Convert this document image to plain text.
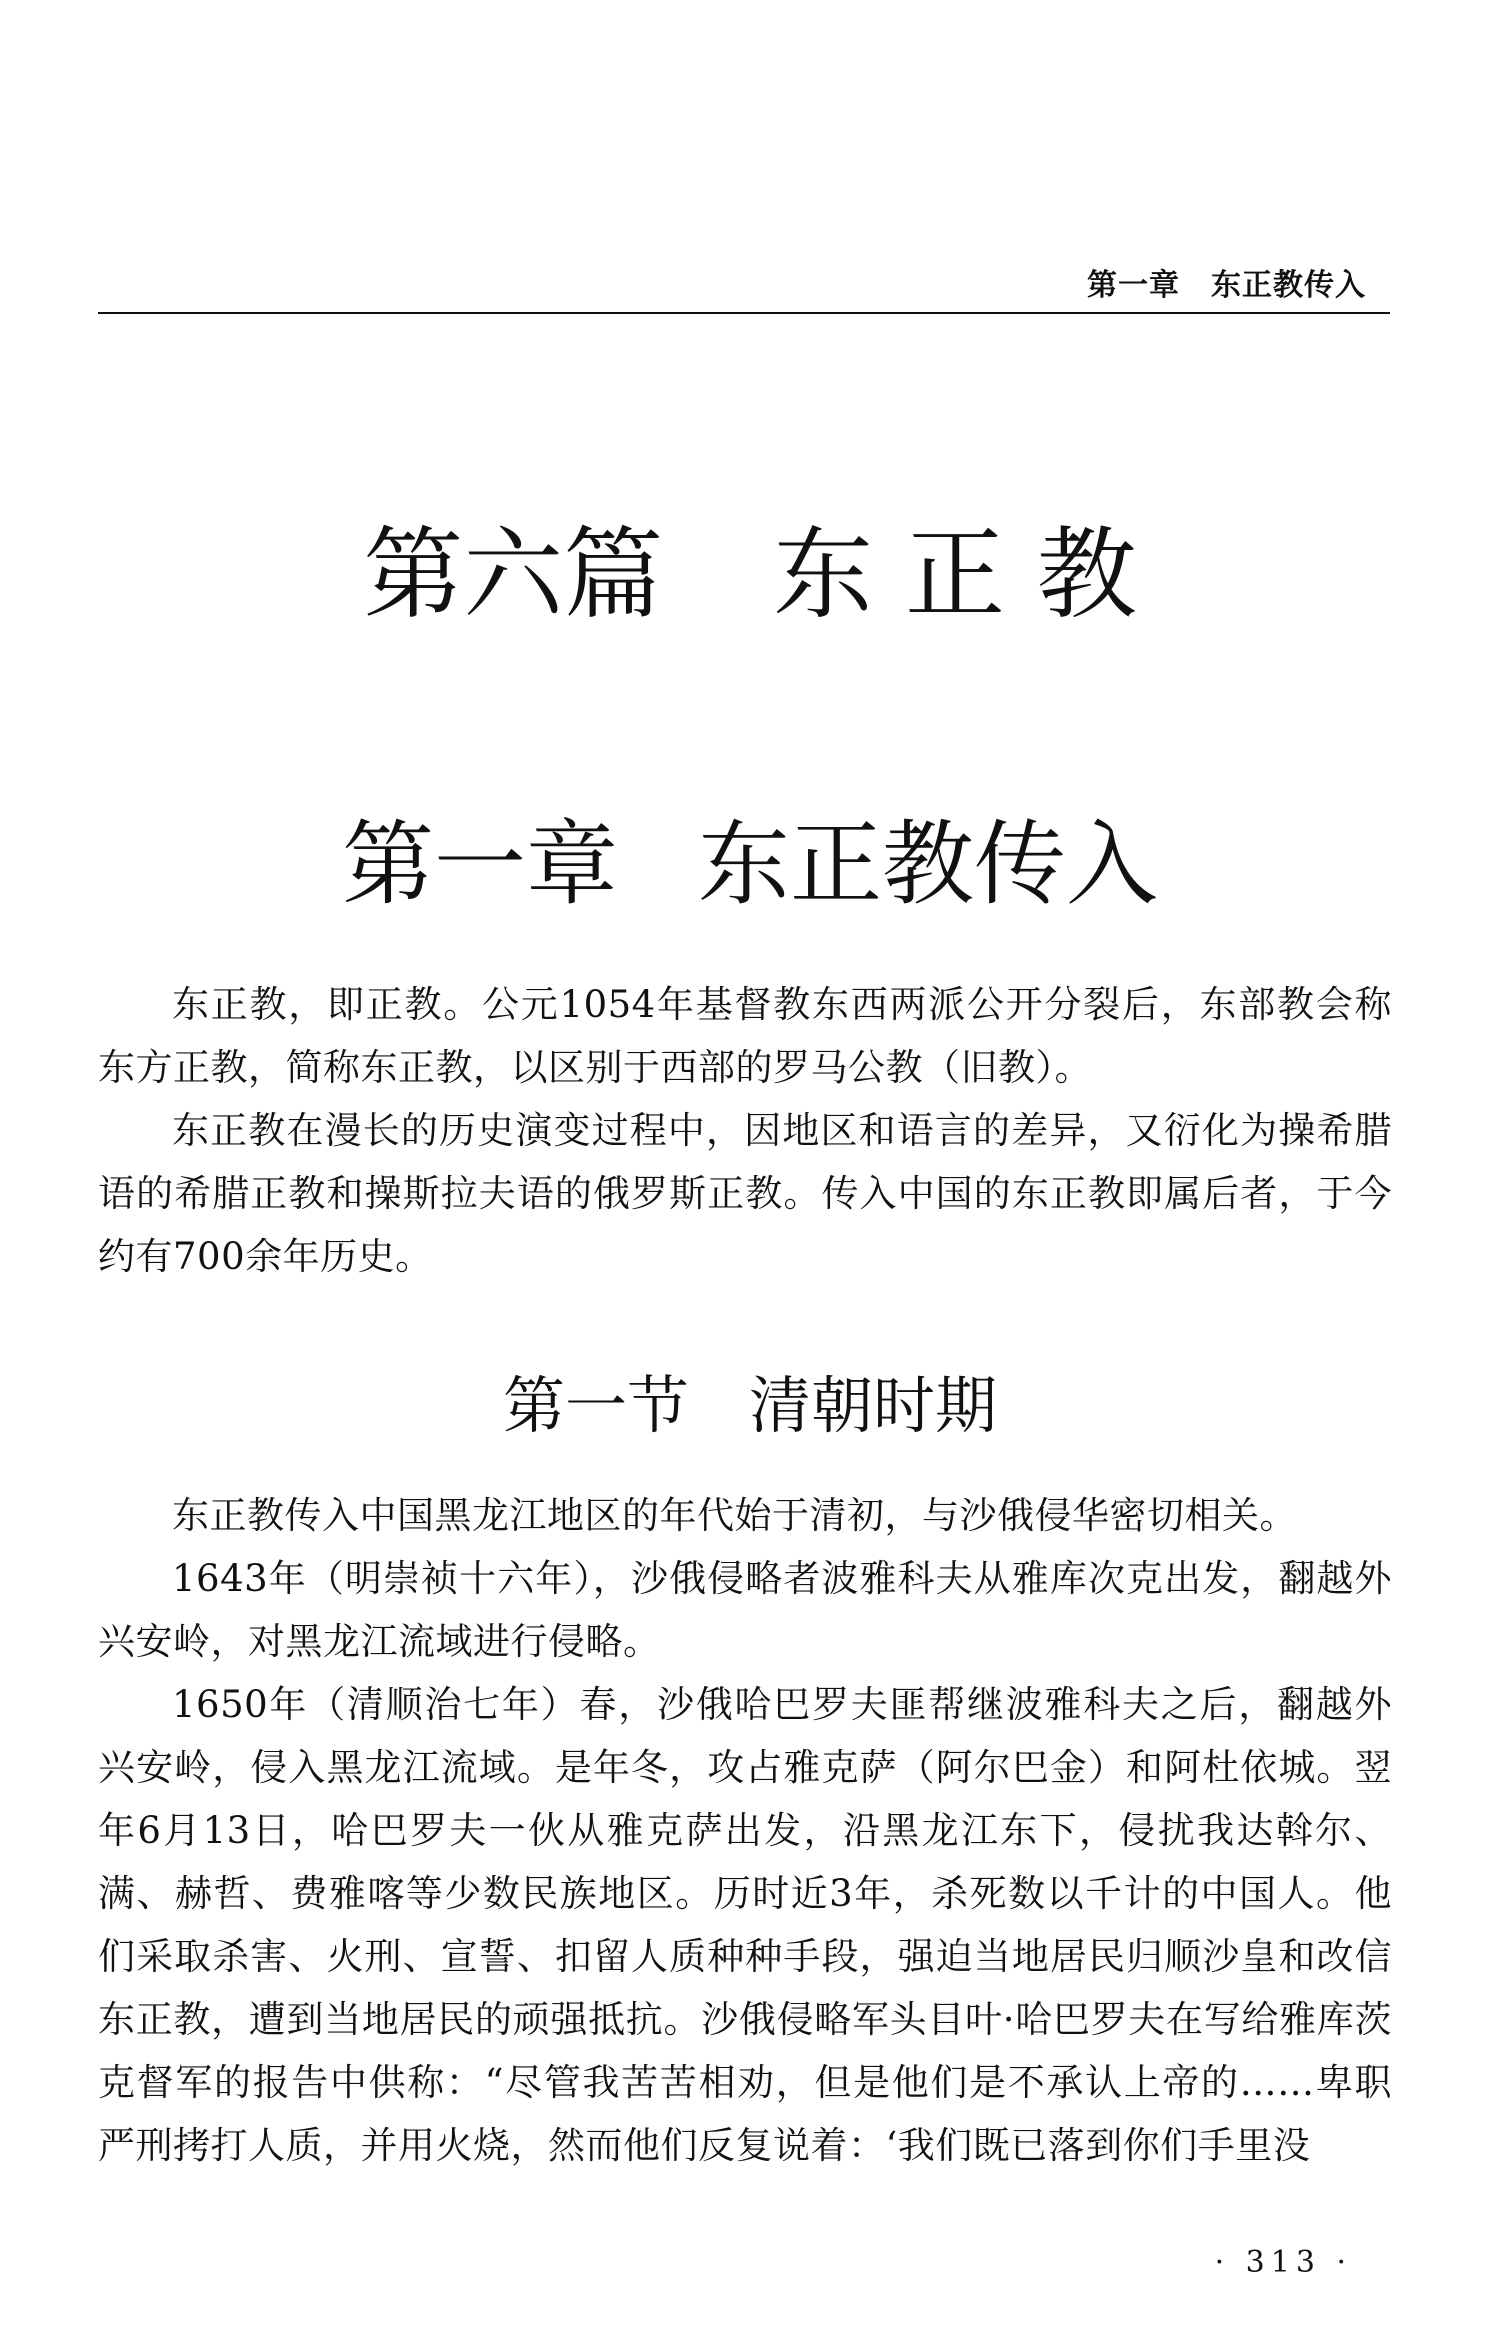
第一章　东正教传入
第六篇 东 正 教
第一章 东正教传入

东正教，即正教。公元1054年基督教东西两派公开分裂后，东部教会称东方正教，简称东正教，以区别于西部的罗马公教（旧教）。

东正教在漫长的历史演变过程中，因地区和语言的差异，又衍化为操希腊语的希腊正教和操斯拉夫语的俄罗斯正教。传入中国的东正教即属后者，于今约有700余年历史。

第一节 清朝时期

东正教传入中国黑龙江地区的年代始于清初，与沙俄侵华密切相关。

1643年（明崇祯十六年），沙俄侵略者波雅科夫从雅库次克出发，翻越外兴安岭，对黑龙江流域进行侵略。

1650年（清顺治七年）春，沙俄哈巴罗夫匪帮继波雅科夫之后，翻越外兴安岭，侵入黑龙江流域。是年冬，攻占雅克萨（阿尔巴金）和阿杜依城。翌年6月13日，哈巴罗夫一伙从雅克萨出发，沿黑龙江东下，侵扰我达斡尔、满、赫哲、费雅喀等少数民族地区。历时近3年，杀死数以千计的中国人。他们采取杀害、火刑、宣誓、扣留人质种种手段，强迫当地居民归顺沙皇和改信东正教，遭到当地居民的顽强抵抗。沙俄侵略军头目叶·哈巴罗夫在写给雅库茨克督军的报告中供称：“尽管我苦苦相劝，但是他们是不承认上帝的……卑职严刑拷打人质，并用火烧，然而他们反复说着：‘我们既已落到你们手里没

· 313 ·
